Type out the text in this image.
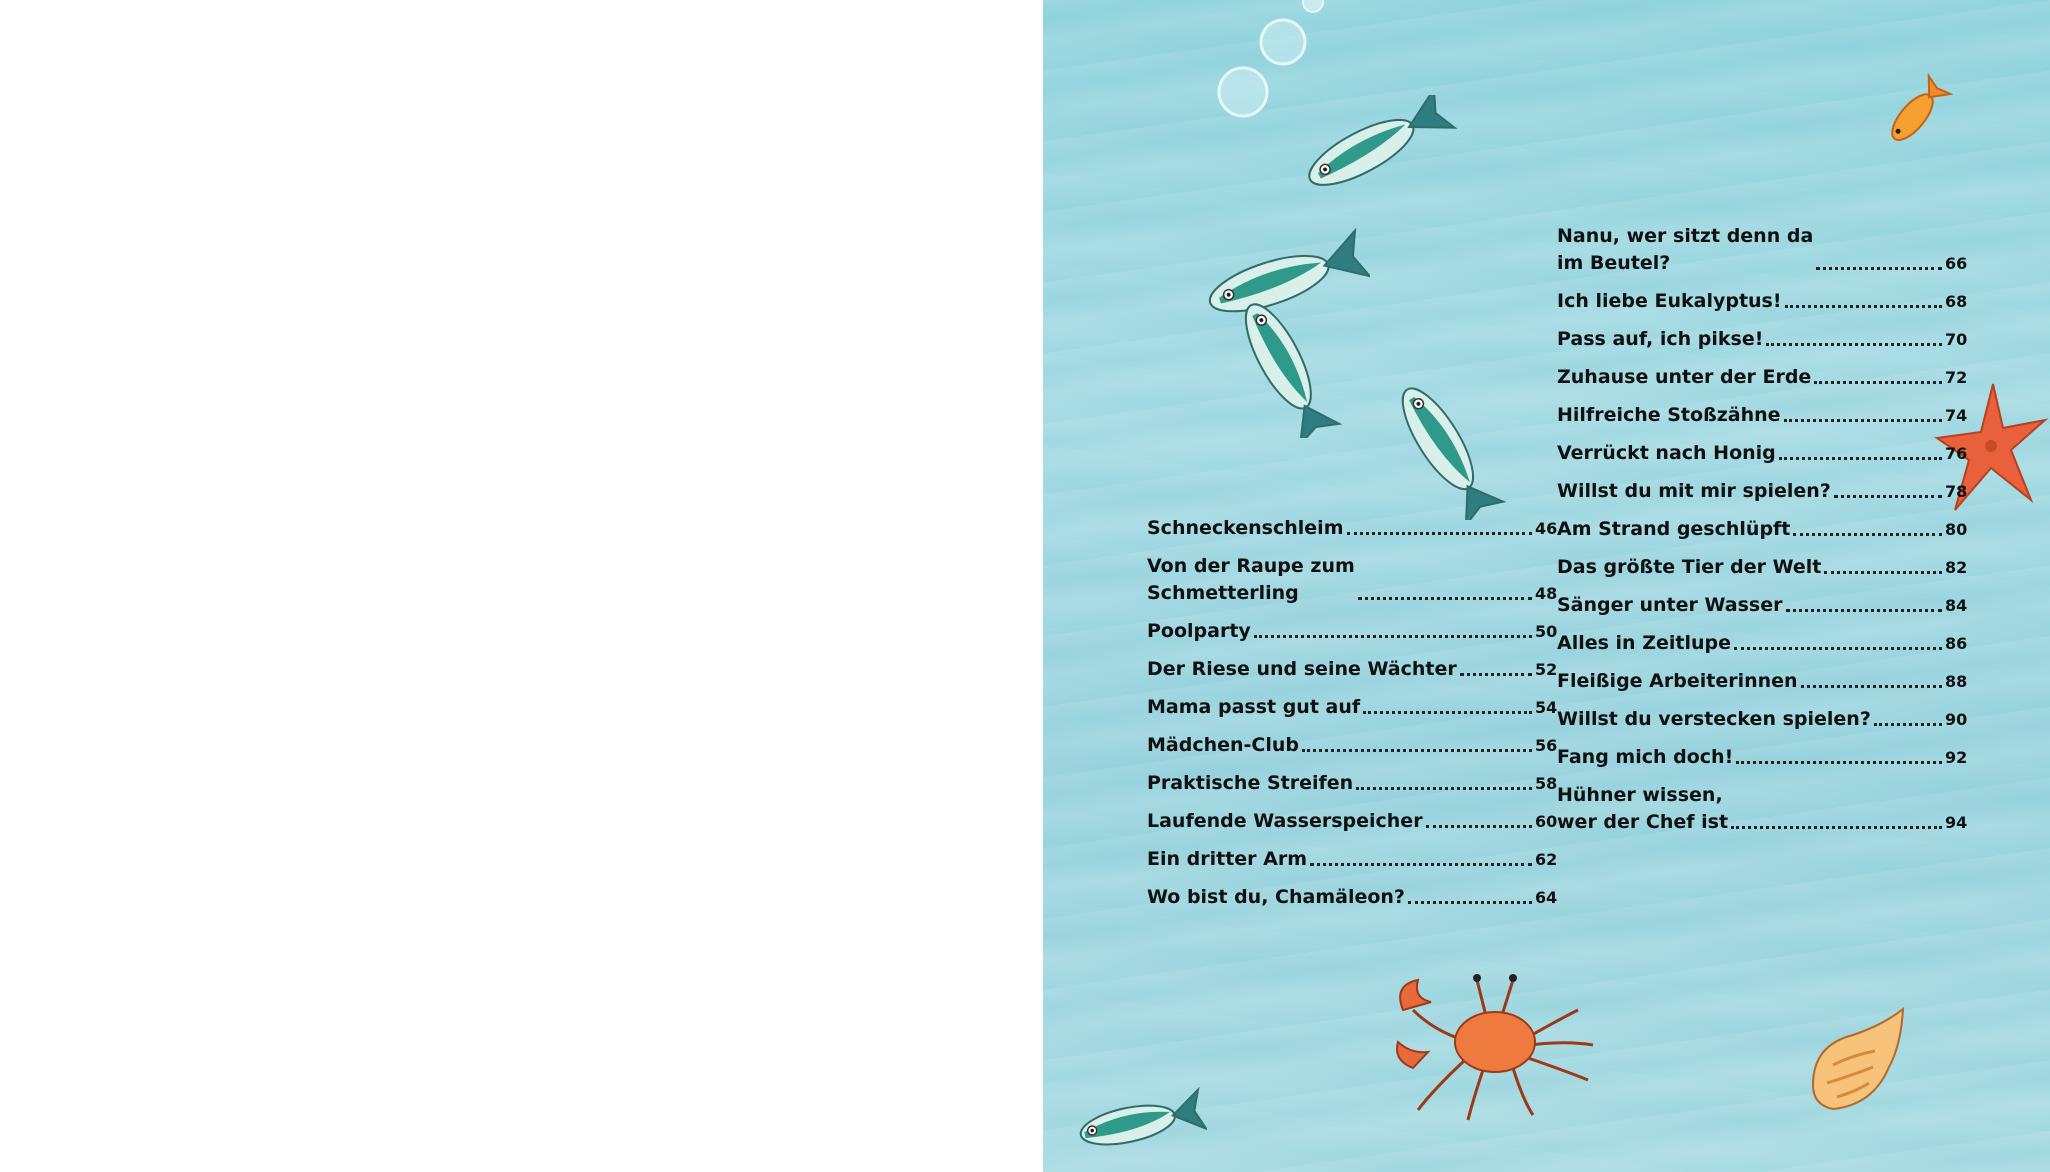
Schneckenschleim	46
Von der Raupe zum
Schmetterling	48
Poolparty	50
Der Riese und seine Wächter	52
Mama passt gut auf	54
Mädchen-Club	56
Praktische Streifen	58
Laufende Wasserspeicher	60
Ein dritter Arm	62
Wo bist du, Chamäleon?	64
Nanu, wer sitzt denn da
im Beutel?	66
Ich liebe Eukalyptus!	68
Pass auf, ich pikse!	70
Zuhause unter der Erde	72
Hilfreiche Stoßzähne	74
Verrückt nach Honig	76
Willst du mit mir spielen?	78
Am Strand geschlüpft	80
Das größte Tier der Welt	82
Sänger unter Wasser	84
Alles in Zeitlupe	86
Fleißige Arbeiterinnen	88
Willst du verstecken spielen?	90
Fang mich doch!	92
Hühner wissen,
wer der Chef ist	94
